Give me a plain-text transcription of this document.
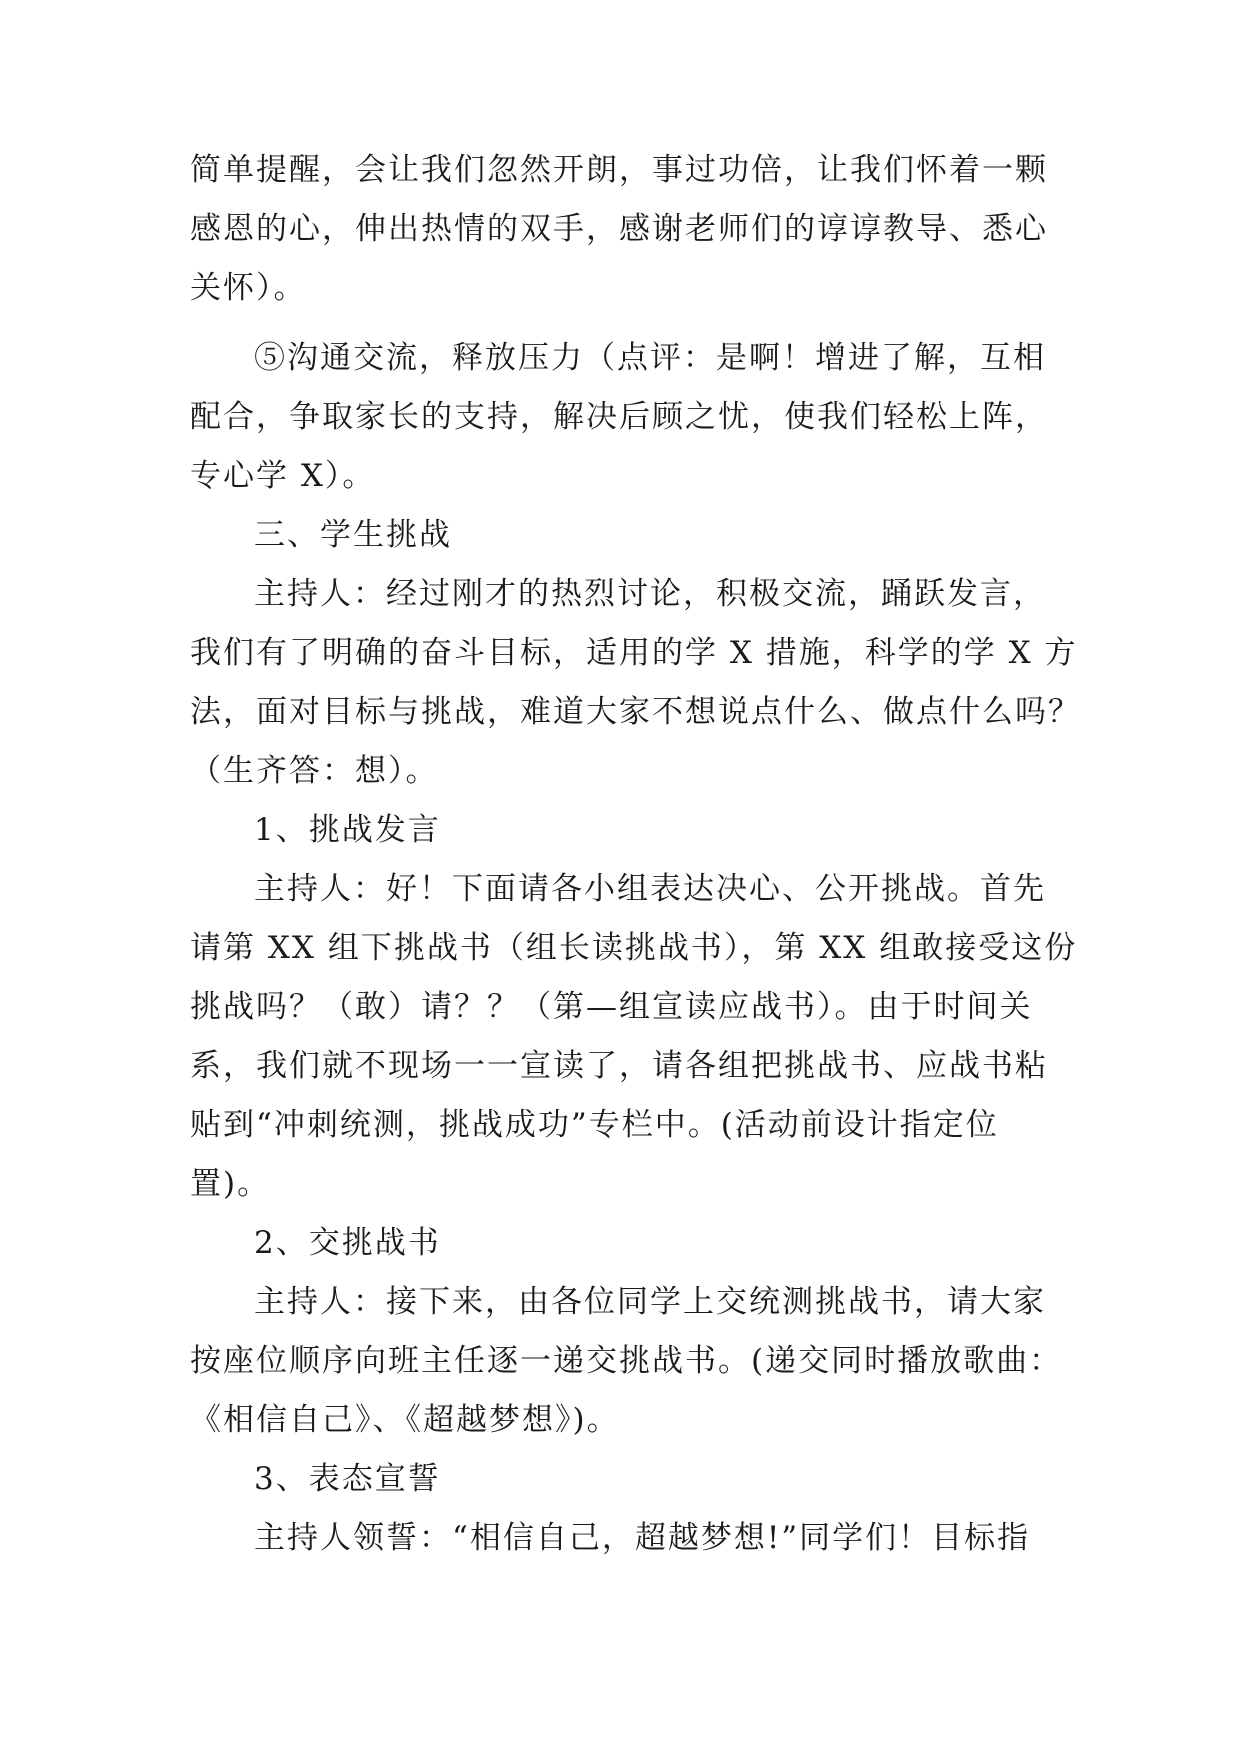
简单提醒，会让我们忽然开朗，事过功倍，让我们怀着一颗
感恩的心，伸出热情的双手，感谢老师们的谆谆教导、悉心
关怀）。
⑤沟通交流，释放压力（点评：是啊！增进了解，互相
配合，争取家长的支持，解决后顾之忧，使我们轻松上阵，
专心学 X）。
三、学生挑战
主持人：经过刚才的热烈讨论，积极交流，踊跃发言，
我们有了明确的奋斗目标，适用的学 X 措施，科学的学 X 方
法，面对目标与挑战，难道大家不想说点什么、做点什么吗？
（生齐答：想）。
1、挑战发言
主持人：好！下面请各小组表达决心、公开挑战。首先
请第 XX 组下挑战书（组长读挑战书），第 XX 组敢接受这份
挑战吗？（敢）请？？（第—组宣读应战书）。由于时间关
系，我们就不现场一一宣读了，请各组把挑战书、应战书粘
贴到“冲刺统测，挑战成功”专栏中。(活动前设计指定位
置)。
2、交挑战书
主持人：接下来，由各位同学上交统测挑战书，请大家
按座位顺序向班主任逐一递交挑战书。(递交同时播放歌曲：
《相信自己》、《超越梦想》)。
3、表态宣誓
主持人领誓：“相信自己，超越梦想!”同学们！目标指
